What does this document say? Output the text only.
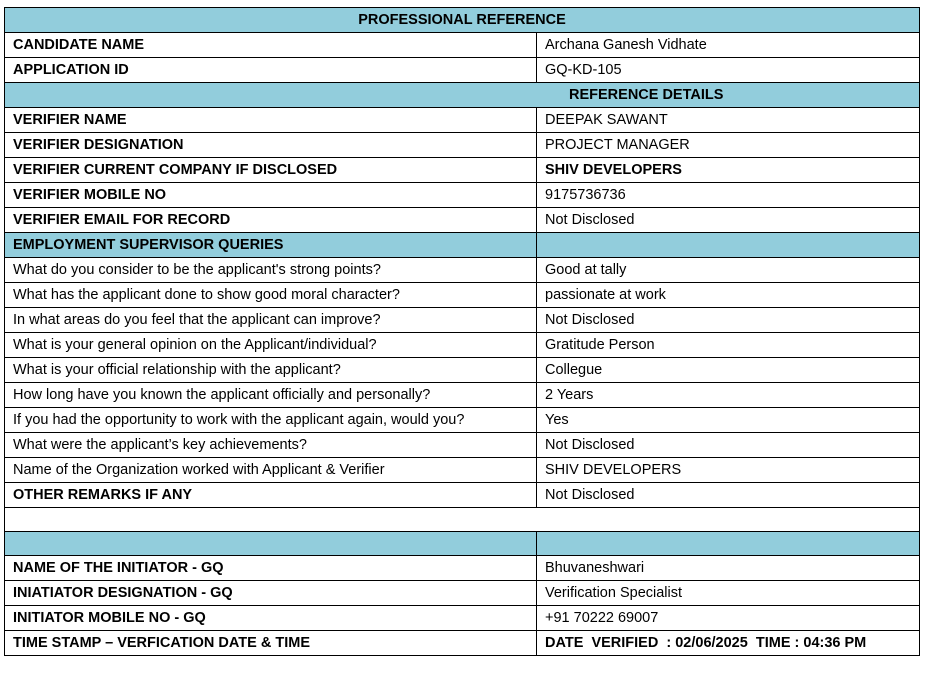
PROFESSIONAL REFERENCE	
CANDIDATE NAME	Archana Ganesh Vidhate
APPLICATION ID	GQ-KD-105
REFERENCE DETAILS	
VERIFIER NAME	DEEPAK SAWANT
VERIFIER DESIGNATION	PROJECT MANAGER
VERIFIER CURRENT COMPANY IF DISCLOSED	SHIV DEVELOPERS
VERIFIER MOBILE NO	9175736736
VERIFIER EMAIL FOR RECORD	Not Disclosed
EMPLOYMENT SUPERVISOR QUERIES	
What do you consider to be the applicant's strong points?	Good at tally
What has the applicant done to show good moral character?	passionate at work
In what areas do you feel that the applicant can improve?	Not Disclosed
What is your general opinion on the Applicant/individual?	Gratitude Person
What is your official relationship with the applicant?	Collegue
How long have you known the applicant officially and personally?	2 Years
If you had the opportunity to work with the applicant again, would you?	Yes
What were the applicant’s key achievements?	Not Disclosed
Name of the Organization worked with Applicant & Verifier	SHIV DEVELOPERS
OTHER REMARKS IF ANY	Not Disclosed

NAME OF THE INITIATOR - GQ	Bhuvaneshwari
INIATIATOR DESIGNATION - GQ	Verification Specialist
INITIATOR MOBILE NO - GQ	+91 70222 69007
TIME STAMP – VERFICATION DATE & TIME	DATE  VERIFIED  : 02/06/2025  TIME : 04:36 PM
